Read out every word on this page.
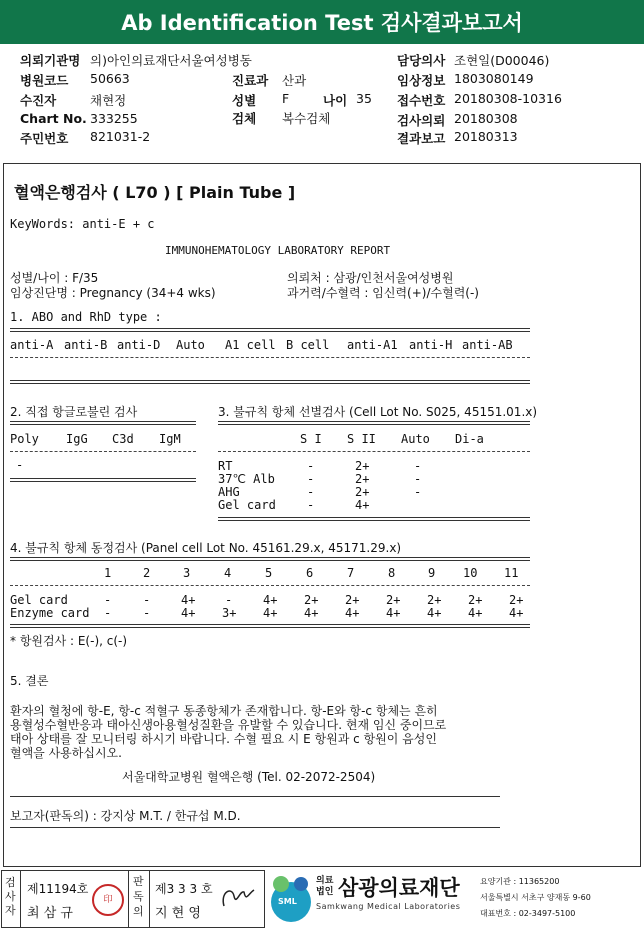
Ab Identification Test 검사결과보고서
의뢰기관명 의)아인의료재단서울여성병동
병원코드 50663
수진자	채현정
Chart No. 333255
주민번호 821031-2
진료과 산과
성별 F	나이 35
검체 복수검체
담당의사 조현일(D00046)
임상정보 1803080149
접수번호 20180308-10316
검사의뢰 20180308
결과보고 20180313
혈액은행검사 ( L70 ) [ Plain Tube ]
KeyWords: anti-E + c
IMMUNOHEMATOLOGY LABORATORY REPORT
성별/나이 : F/35
임상진단명 : Pregnancy (34+4 wks)
의뢰처 : 삼광/인천서울여성병원
과거력/수혈력 : 임신력(+)/수혈력(-)
1. ABO and RhD type :
anti-A anti-B anti-D Auto A1 cell B cell anti-A1 anti-H anti-AB
2. 직접 항글로불린 검사
Poly IgG C3d IgM
-
3. 불규칙 항체 선별검사 (Cell Lot No. S025, 45151.01.x)
S I S II Auto Di-a
RT	-	2+	-
37℃ Alb	-	2+	-
AHG	-	2+	-
Gel card	-	4+
4. 불규칙 항체 동정검사 (Panel cell Lot No. 45161.29.x, 45171.29.x)
1	2	3	4	5	6	7	8	9 10 11
Gel card	-	-	4+ -	4+ 2+ 2+ 2+ 2+ 2+ 2+
Enzyme card -	-	4+ 3+ 4+ 4+ 4+ 4+ 4+ 4+ 4+
* 항원검사 : E(-), c(-)
5. 결론
환자의 혈청에 항-E, 항-c 적혈구 동종항체가 존재합니다. 항-E와 항-c 항체는 흔히
용혈성수혈반응과 태아신생아용혈성질환을 유발할 수 있습니다. 현재 임신 중이므로
태아 상태를 잘 모니터링 하시기 바랍니다. 수혈 필요 시 E 항원과 c 항원이 음성인
혈액을 사용하십시오.
서울대학교병원 혈액은행 (Tel. 02-2072-2504)
보고자(판독의) : 강지상 M.T. / 한규섭 M.D.
검사자
제11194호
최 삼 규
印
판독의
제3 3 3 호
지 현 영
SML
의료법인 삼광의료재단
Samkwang Medical Laboratories
요양기관 : 11365200
서울특별시 서초구 양재동 9-60
대표번호 : 02-3497-5100
